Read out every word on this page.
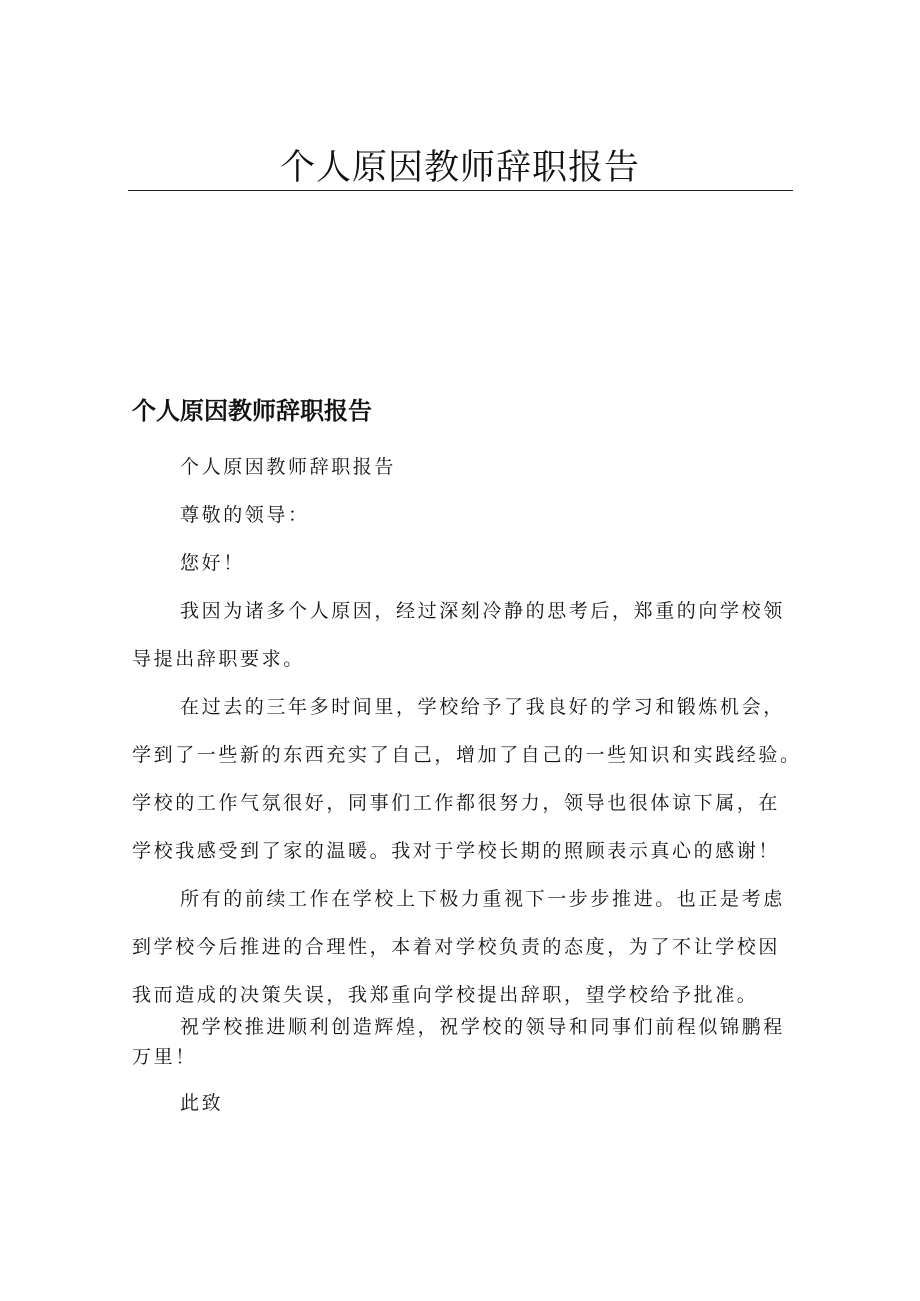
个人原因教师辞职报告
个人原因教师辞职报告
个人原因教师辞职报告
尊敬的领导：
您好！
我因为诸多个人原因，经过深刻冷静的思考后，郑重的向学校领
导提出辞职要求。
在过去的三年多时间里，学校给予了我良好的学习和锻炼机会，
学到了一些新的东西充实了自己，增加了自己的一些知识和实践经验。
学校的工作气氛很好，同事们工作都很努力，领导也很体谅下属，在
学校我感受到了家的温暖。我对于学校长期的照顾表示真心的感谢！
所有的前续工作在学校上下极力重视下一步步推进。也正是考虑
到学校今后推进的合理性，本着对学校负责的态度，为了不让学校因
我而造成的决策失误，我郑重向学校提出辞职，望学校给予批准。
祝学校推进顺利创造辉煌，祝学校的领导和同事们前程似锦鹏程
万里！
此致
